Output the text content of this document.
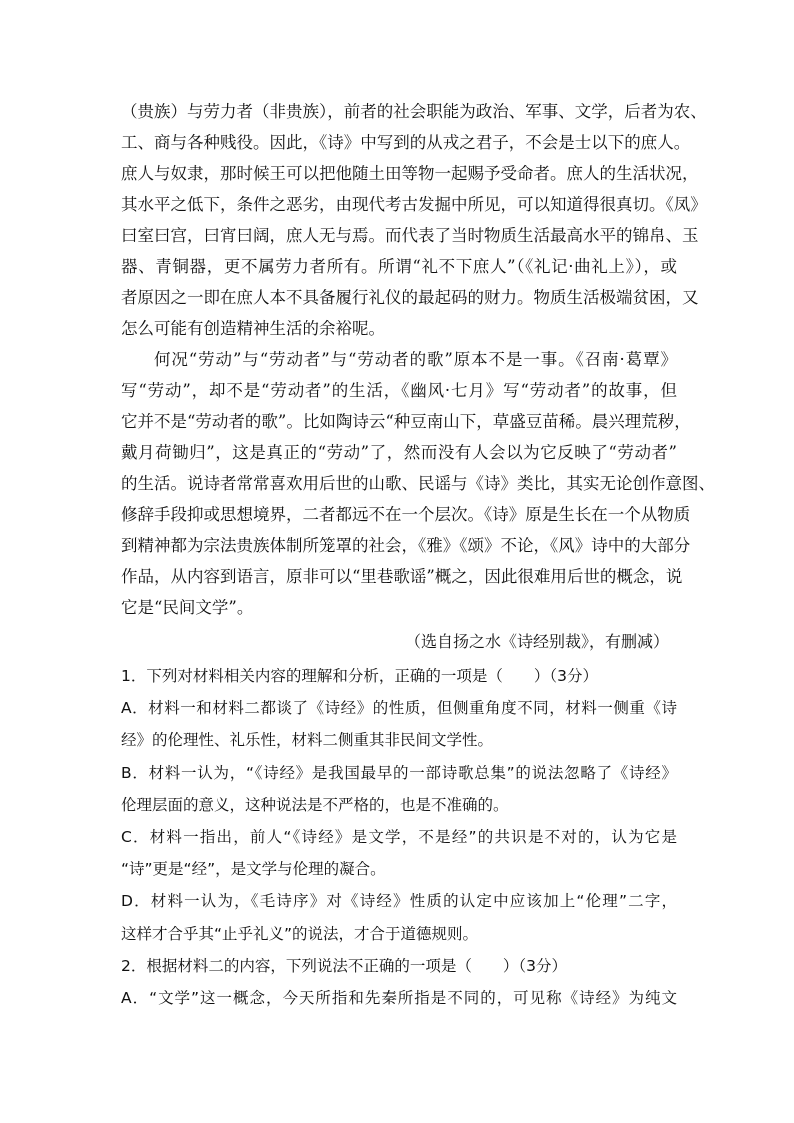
（贵族）与劳力者（非贵族），前者的社会职能为政治、军事、文学，后者为农、
工、商与各种贱役。因此，《诗》中写到的从戎之君子，不会是士以下的庶人。
庶人与奴隶，那时候王可以把他随土田等物一起赐予受命者。庶人的生活状况，
其水平之低下，条件之恶劣，由现代考古发掘中所见，可以知道得很真切。《凤》
曰室曰宫，曰宵曰阔，庶人无与焉。而代表了当时物质生活最高水平的锦帛、玉
器、青铜器，更不属劳力者所有。所谓“礼不下庶人”（《礼记·曲礼上》），或
者原因之一即在庶人本不具备履行礼仪的最起码的财力。物质生活极端贫困，又
怎么可能有创造精神生活的余裕呢。
何况“劳动”与“劳动者”与“劳动者的歌”原本不是一事。《召南·葛覃》
写“劳动”，却不是“劳动者”的生活，《幽风·七月》写“劳动者”的故事，但
它并不是“劳动者的歌”。比如陶诗云“种豆南山下，草盛豆苗稀。晨兴理荒秽，
戴月荷锄归”，这是真正的“劳动”了，然而没有人会以为它反映了“劳动者”
的生活。说诗者常常喜欢用后世的山歌、民谣与《诗》类比，其实无论创作意图、
修辞手段抑或思想境界，二者都远不在一个层次。《诗》原是生长在一个从物质
到精神都为宗法贵族体制所笼罩的社会，《雅》《颂》不论，《风》诗中的大部分
作品，从内容到语言，原非可以“里巷歌谣”概之，因此很难用后世的概念，说
它是“民间文学”。
（选自扬之水《诗经别裁》，有删减）
1．下列对材料相关内容的理解和分析，正确的一项是（　　）（3分）
A．材料一和材料二都谈了《诗经》的性质，但侧重角度不同，材料一侧重《诗
经》的伦理性、礼乐性，材料二侧重其非民间文学性。
B．材料一认为，“《诗经》是我国最早的一部诗歌总集”的说法忽略了《诗经》
伦理层面的意义，这种说法是不严格的，也是不准确的。
C．材料一指出，前人“《诗经》是文学，不是经”的共识是不对的，认为它是
“诗”更是“经”，是文学与伦理的凝合。
D．材料一认为，《毛诗序》对《诗经》性质的认定中应该加上“伦理”二字，
这样才合乎其“止乎礼义”的说法，才合于道德规则。
2．根据材料二的内容，下列说法不正确的一项是（　　）（3分）
A．“文学”这一概念，今天所指和先秦所指是不同的，可见称《诗经》为纯文
